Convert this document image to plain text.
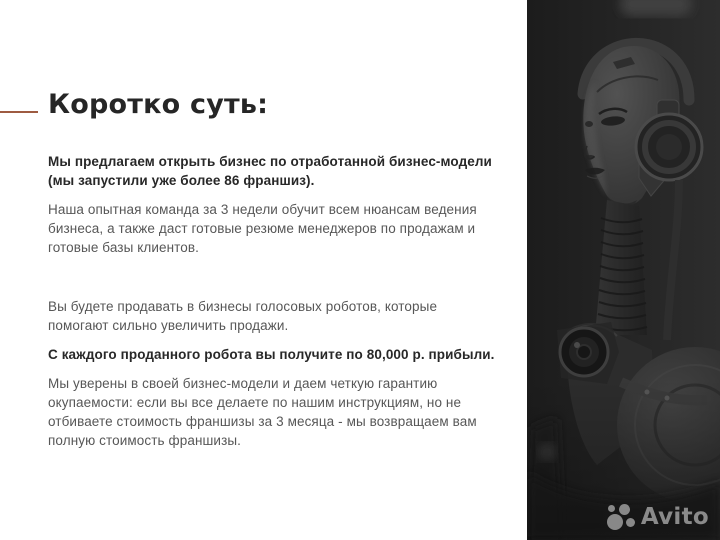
Коротко суть:

Мы предлагаем открыть бизнес по отработанной бизнес-модели (мы запустили уже более 86 франшиз).

Наша опытная команда за 3 недели обучит всем нюансам ведения бизнеса, а также даст готовые резюме менеджеров по продажам и готовые базы клиентов.

Вы будете продавать в бизнесы голосовых роботов, которые помогают сильно увеличить продажи.

С каждого проданного робота вы получите по 80,000 р. прибыли.

Мы уверены в своей бизнес-модели и даем четкую гарантию окупаемости: если вы все делаете по нашим инструкциям, но не отбиваете стоимость франшизы за 3 месяца - мы возвращаем вам полную стоимость франшизы.

Avito
